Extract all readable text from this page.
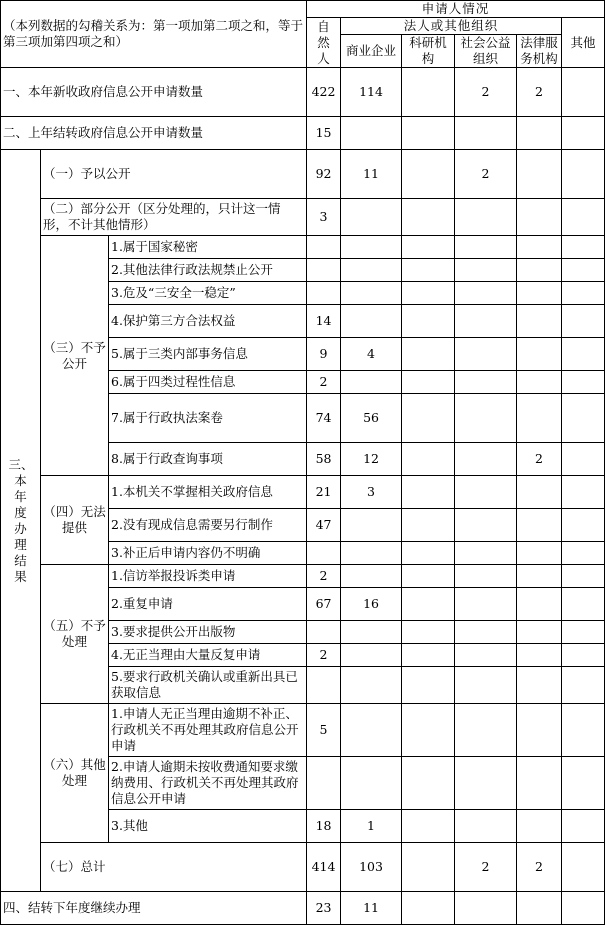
（本列数据的勾稽关系为：第一项加第二项之和，等于第三项加第四项之和）			申请人情况						

			自然人	法人或其他组织				其他	
				商业企业	科研机构	社会公益组织	法律服务机构		
一、本年新收政府信息公开申请数量			422	114		2	2		
二、上年结转政府信息公开申请数量			15						

三、本年度办理结果	（一）予以公开		92	11		2			
	（二）部分公开（区分处理的，只计这一情形，不计其他情形）		3						
	（三）不予公开	1.属于国家秘密							
		2.其他法律行政法规禁止公开							
		3.危及“三安全一稳定”							
		4.保护第三方合法权益	14						
		5.属于三类内部事务信息	9	4					
		6.属于四类过程性信息	2						
		7.属于行政执法案卷	74	56					
		8.属于行政查询事项	58	12			2		
	（四）无法提供	1.本机关不掌握相关政府信息	21	3					
		2.没有现成信息需要另行制作	47						
		3.补正后申请内容仍不明确							
	（五）不予处理	1.信访举报投诉类申请	2						
		2.重复申请	67	16					
		3.要求提供公开出版物							
		4.无正当理由大量反复申请	2						
		5.要求行政机关确认或重新出具已获取信息							
	（六）其他处理	1.申请人无正当理由逾期不补正、行政机关不再处理其政府信息公开申请	5						
		2.申请人逾期未按收费通知要求缴纳费用、行政机关不再处理其政府信息公开申请							
		3.其他	18	1					
	（七）总计		414	103		2	2		
四、结转下年度继续办理			23	11					
